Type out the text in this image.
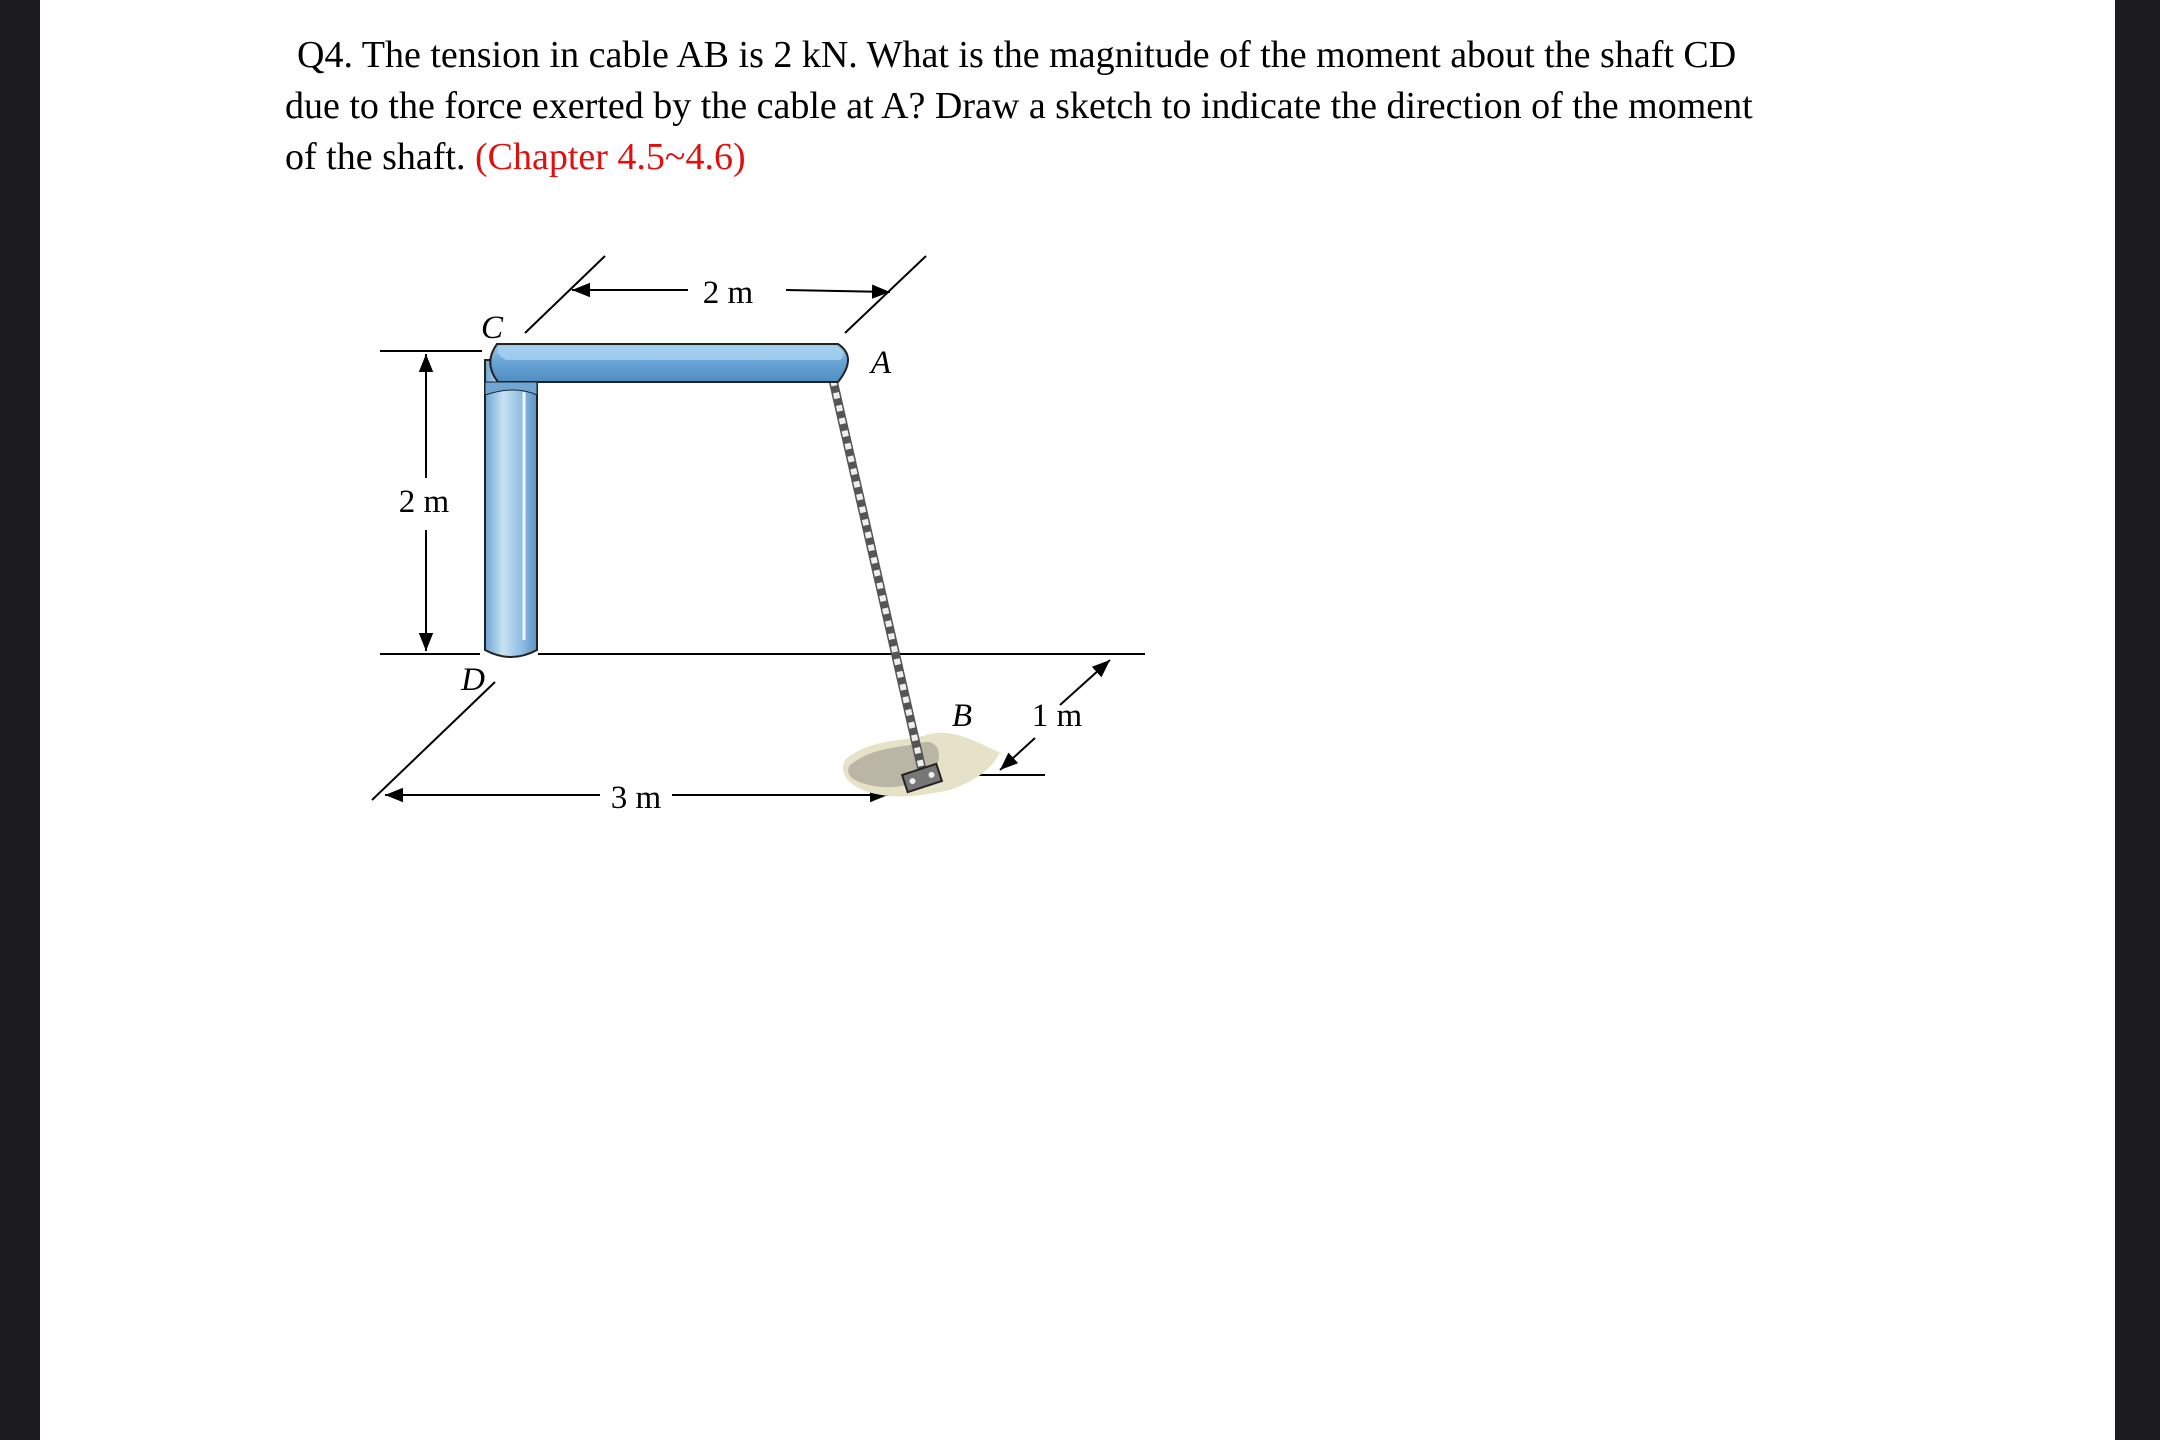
Q4. The tension in cable AB is 2 kN. What is the magnitude of the moment about the shaft CD
due to the force exerted by the cable at A? Draw a sketch to indicate the direction of the moment
of the shaft. (Chapter 4.5~4.6)
2 m
2 m
3 m
1 m
C
A
D
B
